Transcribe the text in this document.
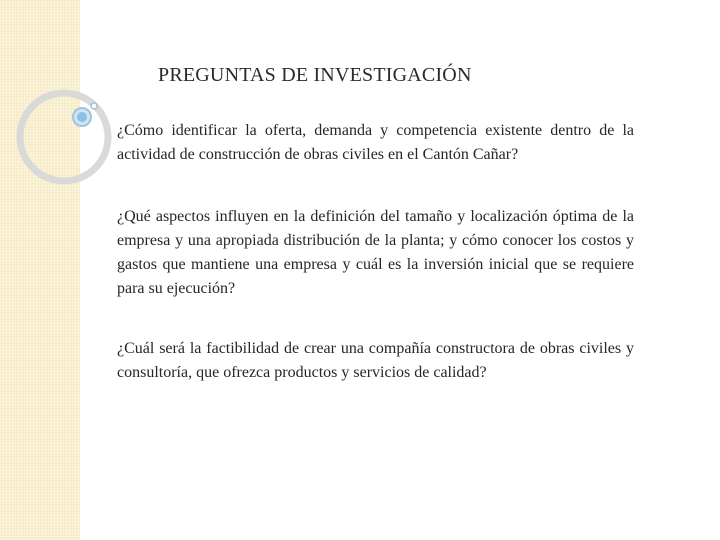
PREGUNTAS DE INVESTIGACIÓN

¿Cómo identificar la oferta, demanda y competencia existente dentro de la actividad de construcción de obras civiles en el Cantón Cañar?

¿Qué aspectos influyen en la definición del tamaño y localización óptima de la empresa y una apropiada distribución de la planta; y cómo conocer los costos y gastos que mantiene una empresa y cuál es la inversión inicial que se requiere para su ejecución?

¿Cuál será la factibilidad de crear una compañía constructora de obras civiles y consultoría, que ofrezca productos y servicios de calidad?
